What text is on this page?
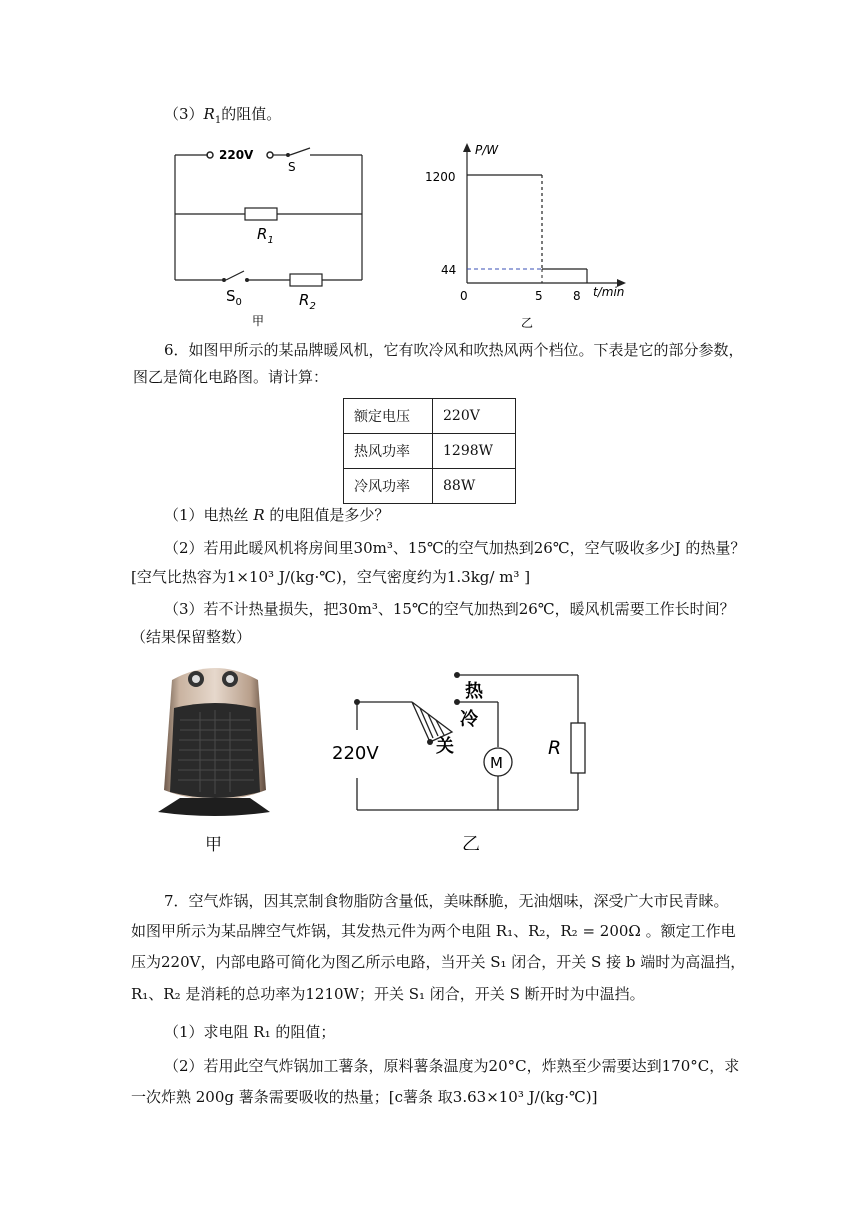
$(3)R_1$的阻值。
220V
S
$R_1$
$S_0$	$R_2$
甲
P/W
t/min
1200
44
0	5	8
乙
6．如图甲所示的某品牌暖风机，它有吹冷风和吹热风两个档位。下表是它的部分参数，
图乙是简化电路图。请计算：
额定电压	220V
热风功率	1298W
冷风功率	88W
（1）电热丝 R 的电阻值是多少？
（2）若用此暖风机将房间里30m³、15℃的空气加热到26℃，空气吸收多少J 的热量？
[空气比热容为1×10³ J/(kg·℃)，空气密度约为1.3kg/ m³ ]
（3）若不计热量损失，把30m³、15℃的空气加热到26℃，暖风机需要工作长时间？
（结果保留整数）
甲
热
冷
关
220V	M
R
乙
7．空气炸锅，因其烹制食物脂防含量低，美味酥脆，无油烟味，深受广大市民青睐。
如图甲所示为某品牌空气炸锅，其发热元件为两个电阻 R₁、R₂，R₂ = 200Ω 。额定工作电
压为220V，内部电路可简化为图乙所示电路，当开关 S₁ 闭合，开关 S 接 b 端时为高温挡，
R₁、R₂ 是消耗的总功率为1210W；开关 S₁ 闭合，开关 S 断开时为中温挡。
（1）求电阻 R₁ 的阻值；
（2）若用此空气炸锅加工薯条，原料薯条温度为20°C，炸熟至少需要达到170°C，求
一次炸熟 200g 薯条需要吸收的热量；[c薯条 取3.63×10³ J/(kg·℃)]
